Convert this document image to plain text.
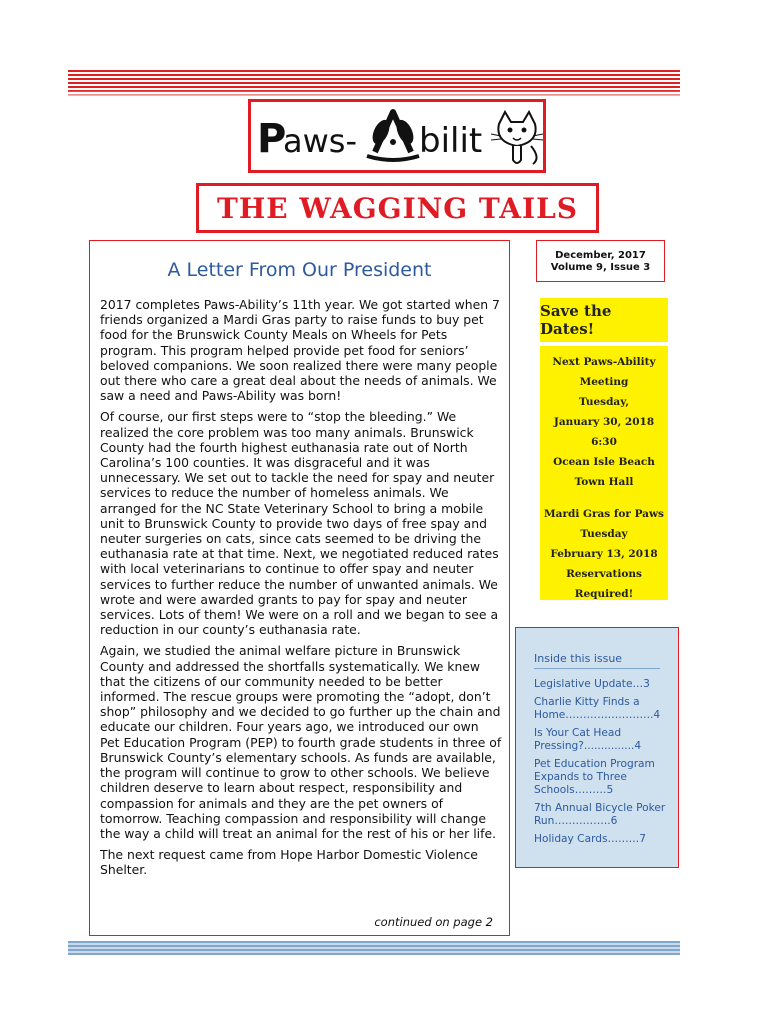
P
aws- bilit
THE WAGGING TAILS
A Letter From Our President

2017 completes Paws-Ability’s 11th year. We got started when 7 friends organized a Mardi Gras party to raise funds to buy pet food for the Brunswick County Meals on Wheels for Pets program. This program helped provide pet food for seniors’ beloved companions. We soon realized there were many people out there who care a great deal about the needs of animals. We saw a need and Paws-Ability was born!

Of course, our first steps were to “stop the bleeding.” We realized the core problem was too many animals. Brunswick County had the fourth highest euthanasia rate out of North Carolina’s 100 counties. It was disgraceful and it was unnecessary. We set out to tackle the need for spay and neuter services to reduce the number of homeless animals. We arranged for the NC State Veterinary School to bring a mobile unit to Brunswick County to provide two days of free spay and neuter surgeries on cats, since cats seemed to be driving the euthanasia rate at that time. Next, we negotiated reduced rates with local veterinarians to continue to offer spay and neuter services to further reduce the number of unwanted animals. We wrote and were awarded grants to pay for spay and neuter services. Lots of them! We were on a roll and we began to see a reduction in our county’s euthanasia rate.

Again, we studied the animal welfare picture in Brunswick County and addressed the shortfalls systematically. We knew that the citizens of our community needed to be better informed. The rescue groups were promoting the “adopt, don’t shop” philosophy and we decided to go further up the chain and educate our children. Four years ago, we introduced our own Pet Education Program (PEP) to fourth grade students in three of Brunswick County’s elementary schools. As funds are available, the program will continue to grow to other schools. We believe children deserve to learn about respect, responsibility and compassion for animals and they are the pet owners of tomorrow. Teaching compassion and responsibility will change the way a child will treat an animal for the rest of his or her life.

The next request came from Hope Harbor Domestic Violence Shelter.

continued on page 2
December, 2017
Volume 9, Issue 3
Save the Dates!
Next Paws-Ability
Meeting
Tuesday,
January 30, 2018
6:30
Ocean Isle Beach
Town Hall
Mardi Gras for Paws
Tuesday
February 13, 2018
Reservations Required!
Inside this issue
Legislative Update…3
Charlie Kitty Finds a Home…………………….4
Is Your Cat Head Pressing?...............4
Pet Education Program Expands to Three Schools………5
7th Annual Bicycle Poker Run…………….6
Holiday Cards………7
